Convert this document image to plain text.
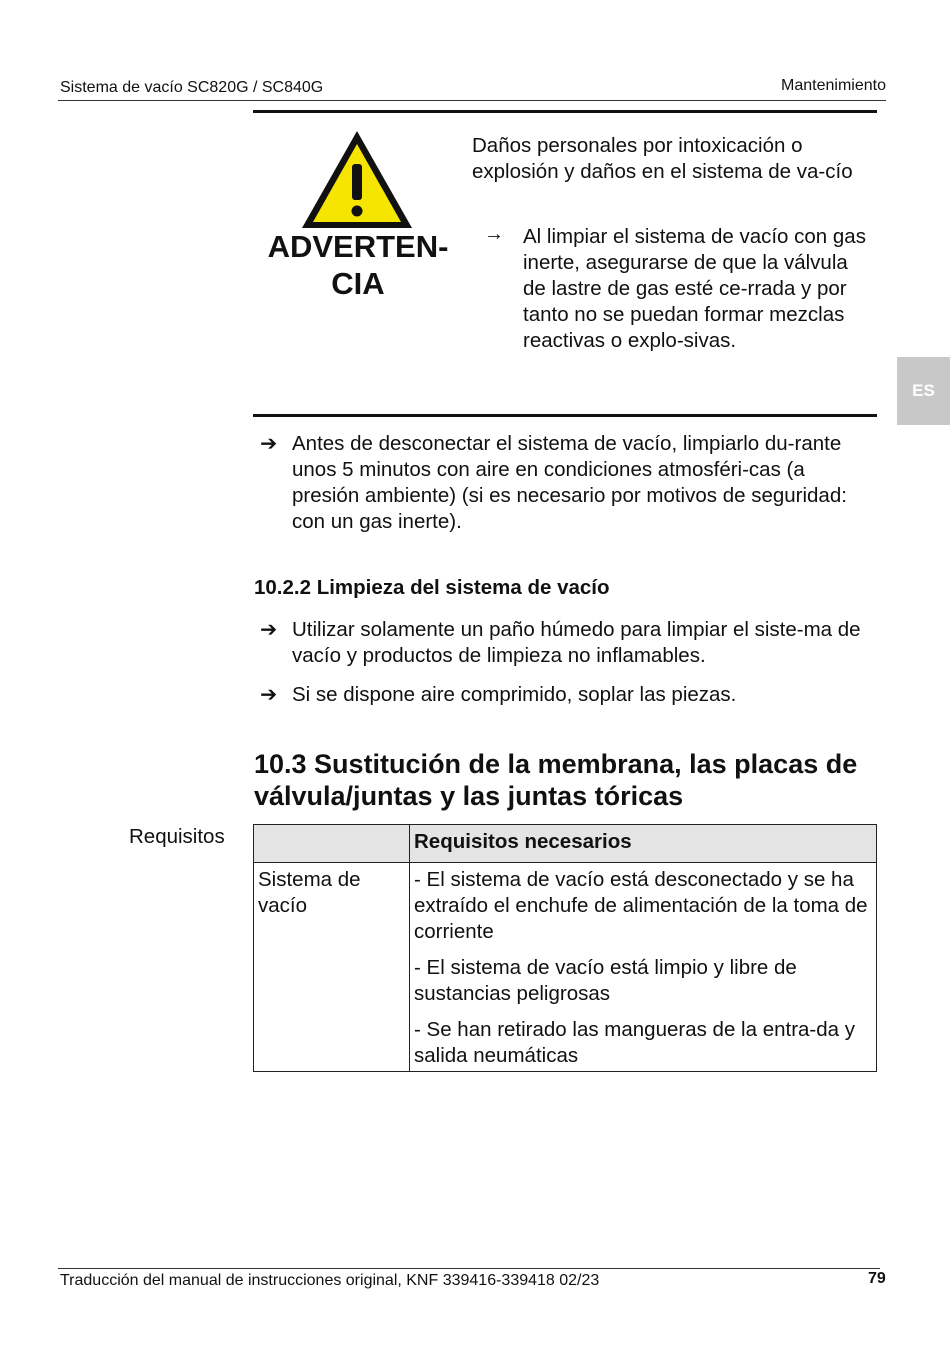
Sistema de vacío SC820G / SC840G	Mantenimiento
ES
ADVERTEN-
CIA
Daños personales por intoxicación o explosión y daños en el sistema de va-cío
→ Al limpiar el sistema de vacío con gas inerte, asegurarse de que la válvula de lastre de gas esté ce-rrada y por tanto no se puedan formar mezclas reactivas o explo-sivas.
➔ Antes de desconectar el sistema de vacío, limpiarlo du-rante unos 5 minutos con aire en condiciones atmosféri-cas (a presión ambiente) (si es necesario por motivos de seguridad: con un gas inerte).
10.2.2 Limpieza del sistema de vacío
➔ Utilizar solamente un paño húmedo para limpiar el siste-ma de vacío y productos de limpieza no inflamables.
➔ Si se dispone aire comprimido, soplar las piezas.
10.3 Sustitución de la membrana, las placas de válvula/juntas y las juntas tóricas
Requisitos
		Requisitos necesarios
Sistema de vacío	- El sistema de vacío está desconectado y se ha extraído el enchufe de alimentación de la toma de corriente
	- El sistema de vacío está limpio y libre de sustancias peligrosas
	- Se han retirado las mangueras de la entra-da y salida neumáticas
Traducción del manual de instrucciones original, KNF 339416-339418 02/23	79
